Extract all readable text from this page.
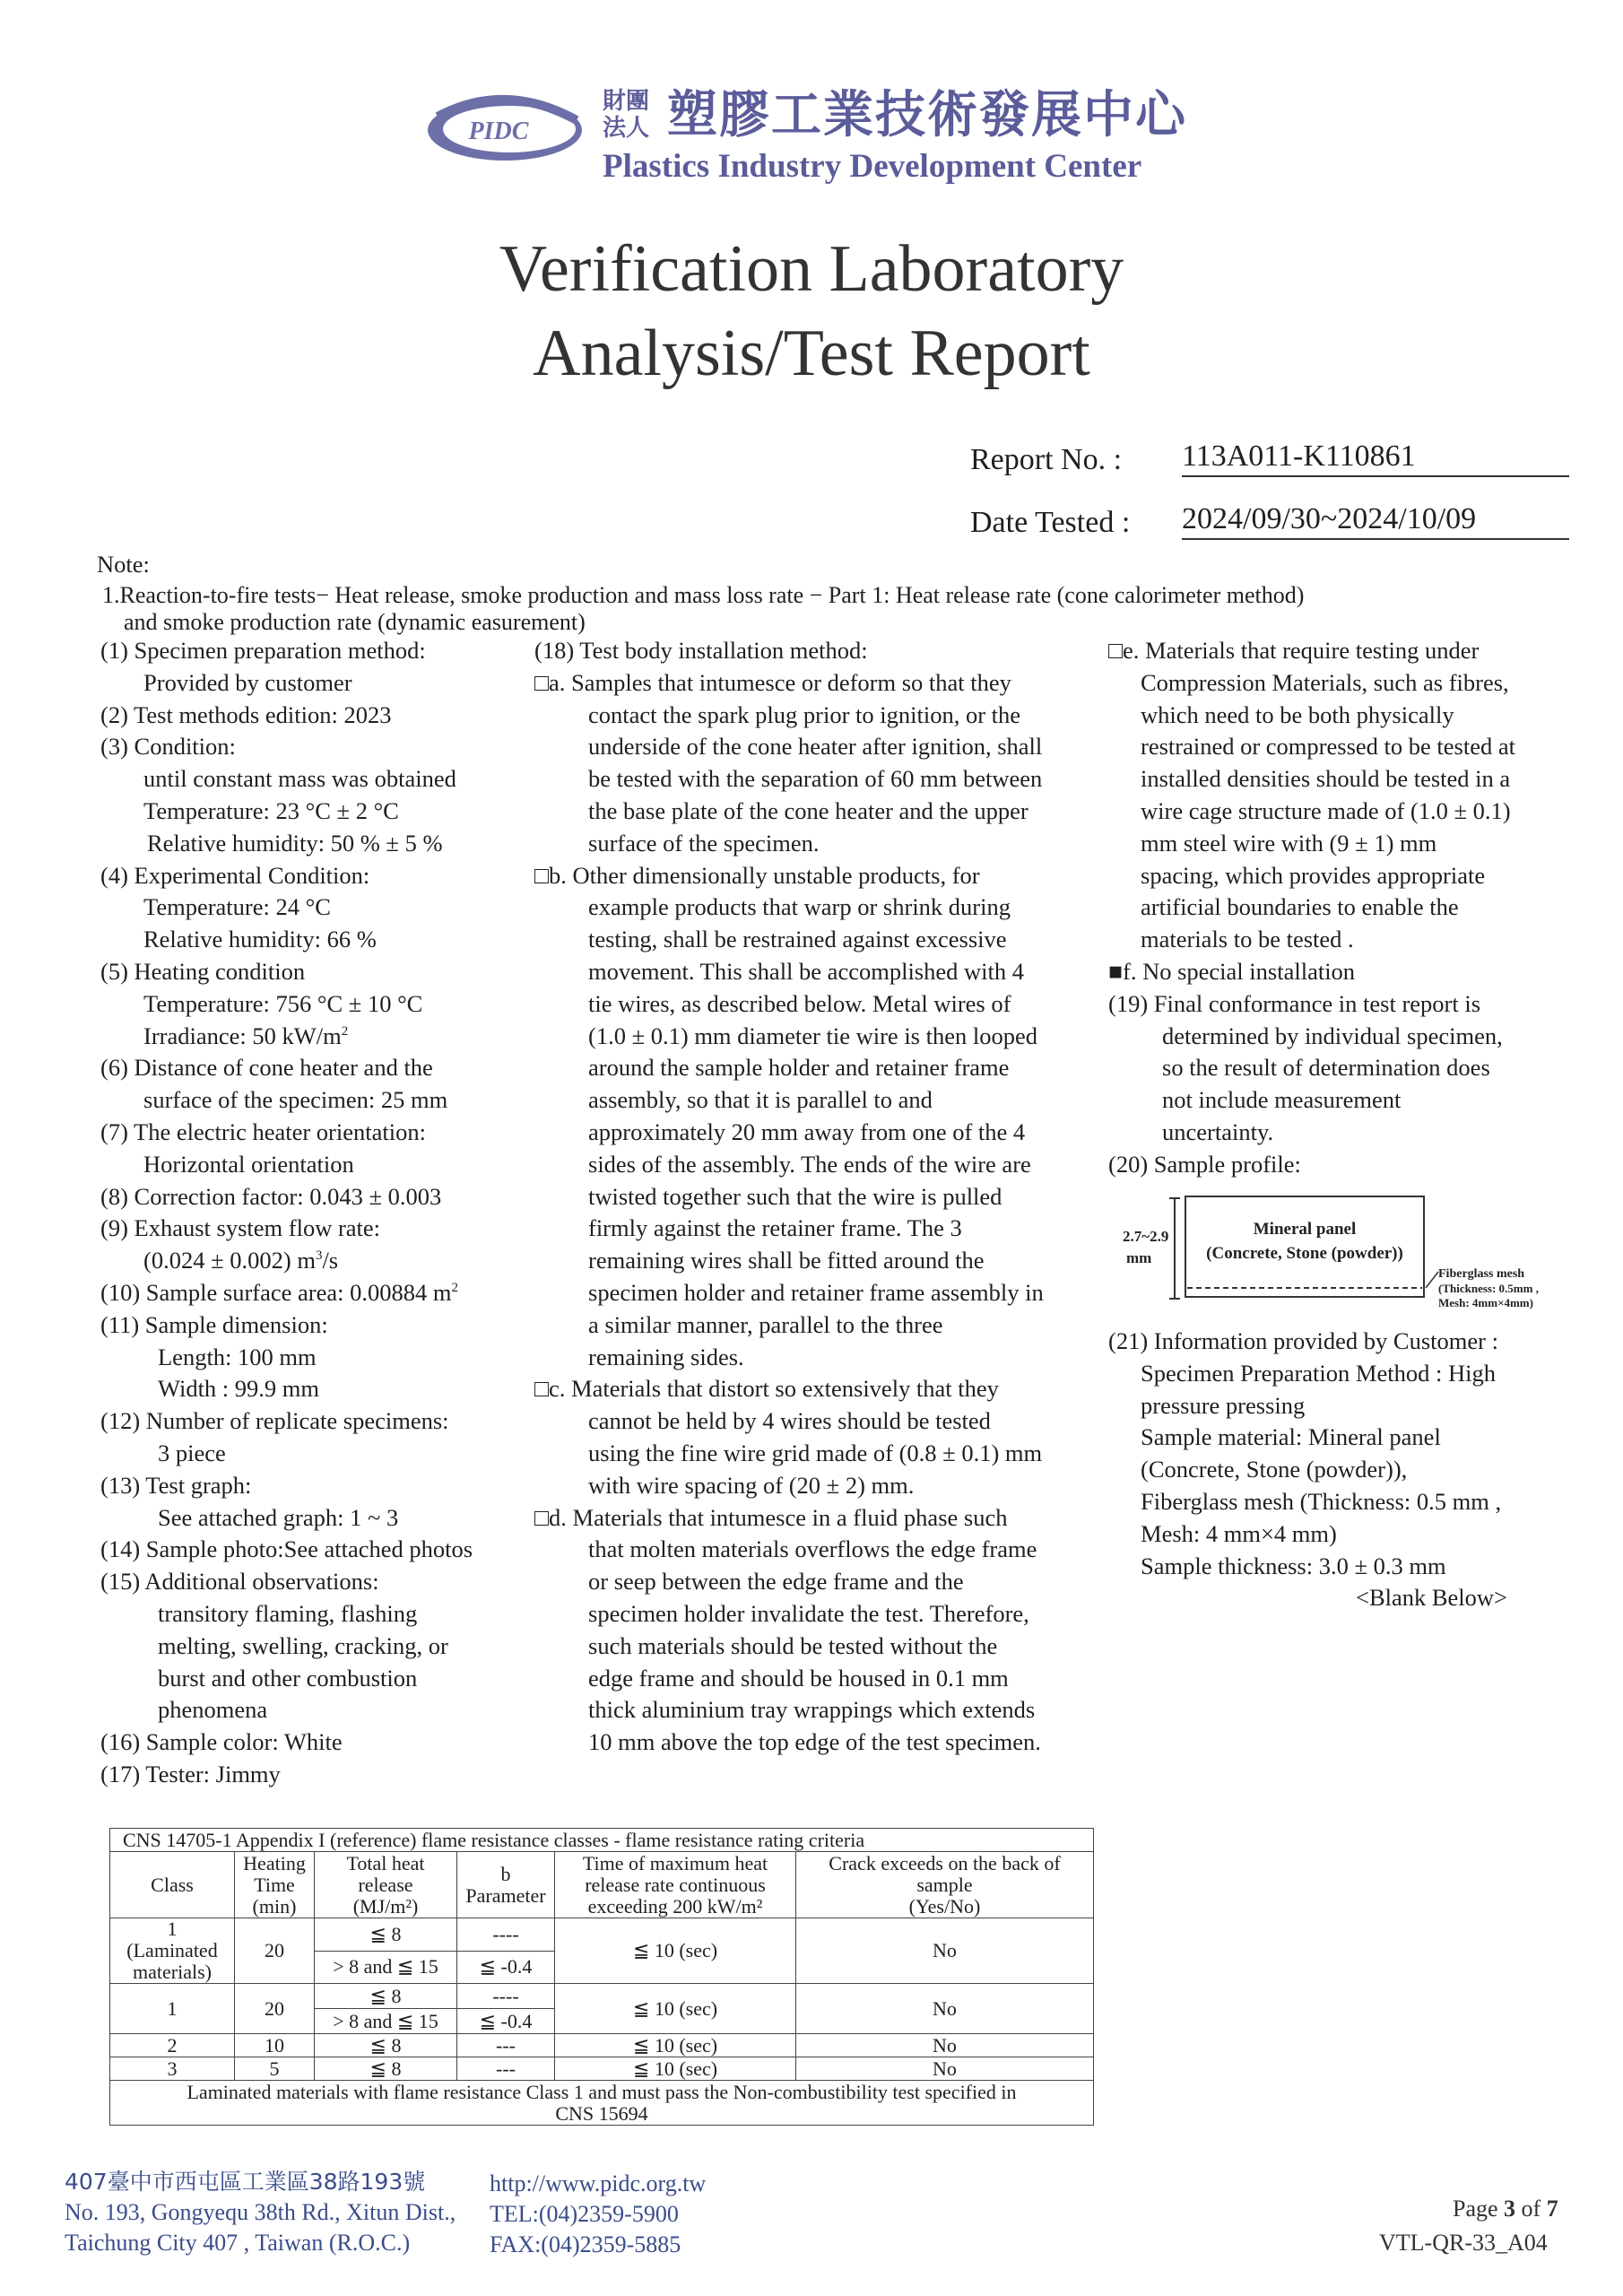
PIDC
財團法人 塑膠工業技術發展中心
Plastics Industry Development Center
Verification Laboratory
Analysis/Test Report
Report No. : 113A011-K110861
Date Tested : 2024/09/30~2024/10/09
Note:
1.Reaction-to-fire tests− Heat release, smoke production and mass loss rate − Part 1: Heat release rate (cone calorimeter method)
and smoke production rate (dynamic easurement)
(1) Specimen preparation method:
Provided by customer
(2) Test methods edition: 2023
(3) Condition:
until constant mass was obtained
Temperature: 23 °C ± 2 °C
Relative humidity: 50 % ± 5 %
(4) Experimental Condition:
Temperature: 24 °C
Relative humidity: 66 %
(5) Heating condition
Temperature: 756 °C ± 10 °C
Irradiance: 50 $kW/m^2$
(6) Distance of cone heater and the
surface of the specimen: 25 mm
(7) The electric heater orientation:
Horizontal orientation
(8) Correction factor: 0.043 ± 0.003
(9) Exhaust system flow rate:
(0.024 ± 0.002) $m^3/s$
(10) Sample surface area: 0.00884 $m^2$
(11) Sample dimension:
Length: 100 mm
Width : 99.9 mm
(12) Number of replicate specimens:
3 piece
(13) Test graph:
See attached graph: 1 ~ 3
(14) Sample photo:See attached photos
(15) Additional observations:
transitory flaming, flashing
melting, swelling, cracking, or
burst and other combustion
phenomena
(16) Sample color: White
(17) Tester: Jimmy
(18) Test body installation method:
□a. Samples that intumesce or deform so that they
contact the spark plug prior to ignition, or the
underside of the cone heater after ignition, shall
be tested with the separation of 60 mm between
the base plate of the cone heater and the upper
surface of the specimen.
□b. Other dimensionally unstable products, for
example products that warp or shrink during
testing, shall be restrained against excessive
movement. This shall be accomplished with 4
tie wires, as described below. Metal wires of
(1.0 ± 0.1) mm diameter tie wire is then looped
around the sample holder and retainer frame
assembly, so that it is parallel to and
approximately 20 mm away from one of the 4
sides of the assembly. The ends of the wire are
twisted together such that the wire is pulled
firmly against the retainer frame. The 3
remaining wires shall be fitted around the
specimen holder and retainer frame assembly in
a similar manner, parallel to the three
remaining sides.
□c. Materials that distort so extensively that they
cannot be held by 4 wires should be tested
using the fine wire grid made of (0.8 ± 0.1) mm
with wire spacing of (20 ± 2) mm.
□d. Materials that intumesce in a fluid phase such
that molten materials overflows the edge frame
or seep between the edge frame and the
specimen holder invalidate the test. Therefore,
such materials should be tested without the
edge frame and should be housed in 0.1 mm
thick aluminium tray wrappings which extends
10 mm above the top edge of the test specimen.
□e. Materials that require testing under
Compression Materials, such as fibres,
which need to be both physically
restrained or compressed to be tested at
installed densities should be tested in a
wire cage structure made of (1.0 ± 0.1)
mm steel wire with (9 ± 1) mm
spacing, which provides appropriate
artificial boundaries to enable the
materials to be tested .
■f. No special installation
(19) Final conformance in test report is
determined by individual specimen,
so the result of determination does
not include measurement
uncertainty.
(20) Sample profile:
2.7~2.9
mm
Mineral panel
(Concrete, Stone (powder))
Fiberglass mesh
(Thickness: 0.5mm ,
Mesh: 4mm×4mm)
(21) Information provided by Customer :
Specimen Preparation Method : High
pressure pressing
Sample material: Mineral panel
(Concrete, Stone (powder)),
Fiberglass mesh (Thickness: 0.5 mm ,
Mesh: 4 mm×4 mm)
Sample thickness: 3.0 ± 0.3 mm
<Blank Below>
CNS 14705-1 Appendix I (reference) flame resistance classes - flame resistance rating criteria					
Class	Heating
Time
(min)	Total heat
release
(MJ/m²)	b
Parameter	Time of maximum heat
release rate continuous
exceeding 200 kW/m²	Crack exceeds on the back of
sample
(Yes/No)
1
(Laminated
materials)	20	≦ 8	----	≦ 10 (sec)	No
		> 8 and ≦ 15	≦ -0.4		
1	20	≦ 8	----	≦ 10 (sec)	No
		> 8 and ≦ 15	≦ -0.4		
2	10	≦ 8	---	≦ 10 (sec)	No
3	5	≦ 8	---	≦ 10 (sec)	No
Laminated materials with flame resistance Class 1 and must pass the Non-combustibility test specified in
CNS 15694					
407臺中市西屯區工業區38路193號
No. 193, Gongyequ 38th Rd., Xitun Dist.,
Taichung City 407 , Taiwan (R.O.C.)
http://www.pidc.org.tw
TEL:(04)2359-5900
FAX:(04)2359-5885
Page 3 of 7
VTL-QR-33_A04
